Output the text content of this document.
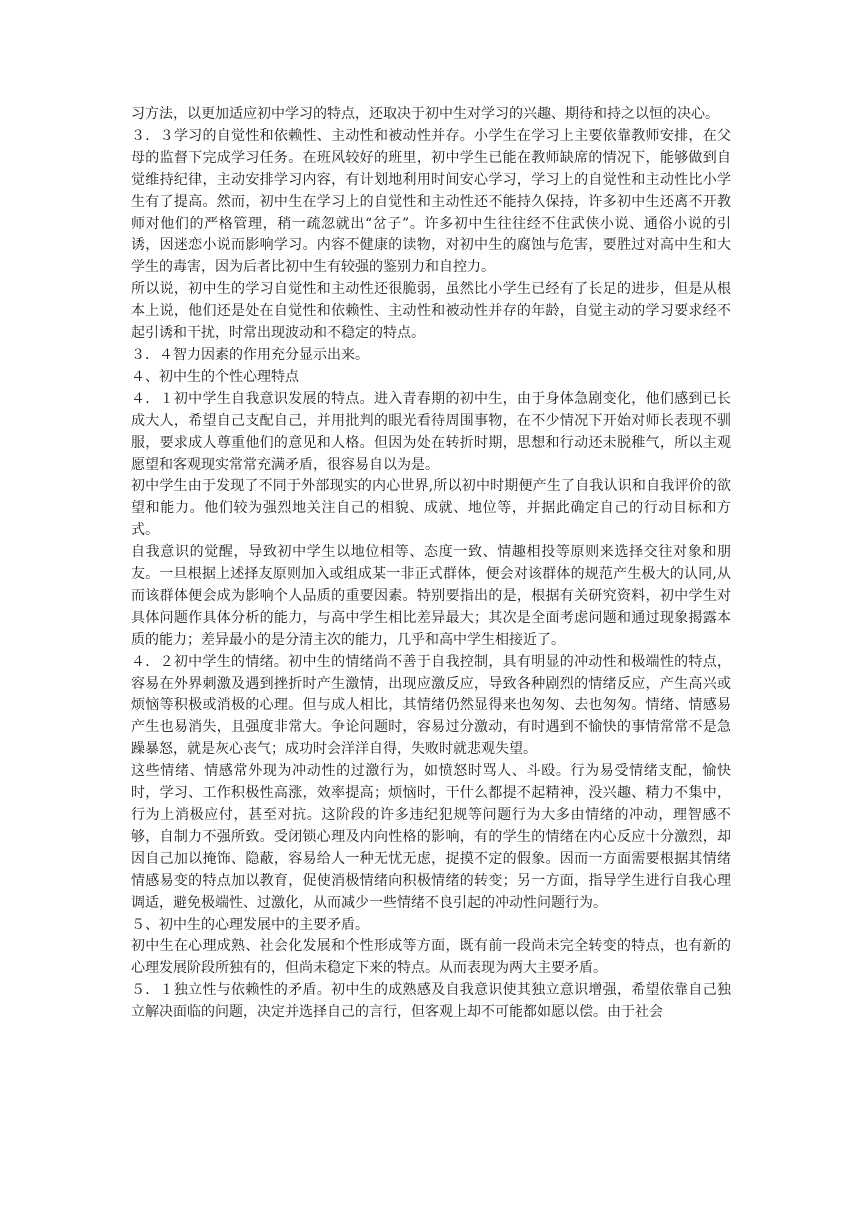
习方法，以更加适应初中学习的特点，还取决于初中生对学习的兴趣、期待和持之以恒的决心。

３．３学习的自觉性和依赖性、主动性和被动性并存。小学生在学习上主要依靠教师安排，在父母的监督下完成学习任务。在班风较好的班里，初中学生已能在教师缺席的情况下，能够做到自觉维持纪律，主动安排学习内容，有计划地利用时间安心学习，学习上的自觉性和主动性比小学生有了提高。然而，初中生在学习上的自觉性和主动性还不能持久保持，许多初中生还离不开教师对他们的严格管理，稍一疏忽就出“岔子”。许多初中生往往经不住武侠小说、通俗小说的引诱，因迷恋小说而影响学习。内容不健康的读物，对初中生的腐蚀与危害，要胜过对高中生和大学生的毒害，因为后者比初中生有较强的鉴别力和自控力。

所以说，初中生的学习自觉性和主动性还很脆弱，虽然比小学生已经有了长足的进步，但是从根本上说，他们还是处在自觉性和依赖性、主动性和被动性并存的年龄，自觉主动的学习要求经不起引诱和干扰，时常出现波动和不稳定的特点。

３．４智力因素的作用充分显示出来。

４、初中生的个性心理特点

４．１初中学生自我意识发展的特点。进入青春期的初中生，由于身体急剧变化，他们感到已长成大人，希望自己支配自己，并用批判的眼光看待周围事物，在不少情况下开始对师长表现不驯服，要求成人尊重他们的意见和人格。但因为处在转折时期，思想和行动还未脱稚气，所以主观愿望和客观现实常常充满矛盾，很容易自以为是。

初中学生由于发现了不同于外部现实的内心世界,所以初中时期便产生了自我认识和自我评价的欲望和能力。他们较为强烈地关注自己的相貌、成就、地位等，并据此确定自己的行动目标和方式。

自我意识的觉醒，导致初中学生以地位相等、态度一致、情趣相投等原则来选择交往对象和朋友。一旦根据上述择友原则加入或组成某一非正式群体，便会对该群体的规范产生极大的认同,从而该群体便会成为影响个人品质的重要因素。特别要指出的是，根据有关研究资料，初中学生对具体问题作具体分析的能力，与高中学生相比差异最大；其次是全面考虑问题和通过现象揭露本质的能力；差异最小的是分清主次的能力，几乎和高中学生相接近了。

４．２初中学生的情绪。初中生的情绪尚不善于自我控制，具有明显的冲动性和极端性的特点，容易在外界刺激及遇到挫折时产生激情，出现应激反应，导致各种剧烈的情绪反应，产生高兴或烦恼等积极或消极的心理。但与成人相比，其情绪仍然显得来也匆匆、去也匆匆。情绪、情感易产生也易消失，且强度非常大。争论问题时，容易过分激动，有时遇到不愉快的事情常常不是急躁暴怒，就是灰心丧气；成功时会洋洋自得，失败时就悲观失望。

这些情绪、情感常外现为冲动性的过激行为，如愤怒时骂人、斗殴。行为易受情绪支配，愉快时，学习、工作积极性高涨，效率提高；烦恼时，干什么都提不起精神，没兴趣、精力不集中，行为上消极应付，甚至对抗。这阶段的许多违纪犯规等问题行为大多由情绪的冲动，理智感不够，自制力不强所致。受闭锁心理及内向性格的影响，有的学生的情绪在内心反应十分激烈，却因自己加以掩饰、隐蔽，容易给人一种无忧无虑，捉摸不定的假象。因而一方面需要根据其情绪情感易变的特点加以教育，促使消极情绪向积极情绪的转变；另一方面，指导学生进行自我心理调适，避免极端性、过激化，从而减少一些情绪不良引起的冲动性问题行为。

５、初中生的心理发展中的主要矛盾。

初中生在心理成熟、社会化发展和个性形成等方面，既有前一段尚未完全转变的特点，也有新的心理发展阶段所独有的，但尚未稳定下来的特点。从而表现为两大主要矛盾。

５．１独立性与依赖性的矛盾。初中生的成熟感及自我意识使其独立意识增强，希望依靠自己独立解决面临的问题，决定并选择自己的言行，但客观上却不可能都如愿以偿。由于社会
